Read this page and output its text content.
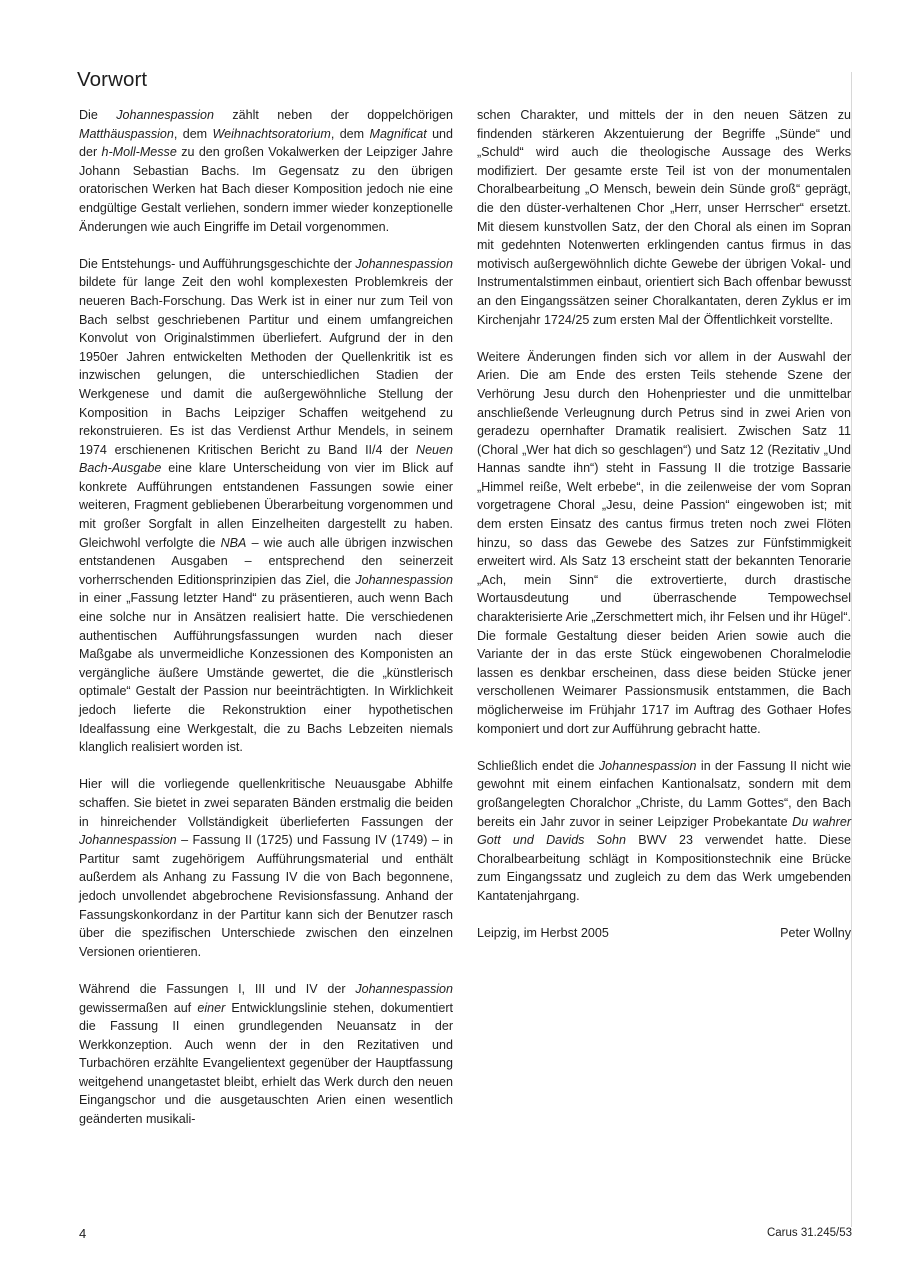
Vorwort

Die Johannespassion zählt neben der doppelchörigen Matthäuspassion, dem Weihnachtsoratorium, dem Magnificat und der h-Moll-Messe zu den großen Vokalwerken der Leipziger Jahre Johann Sebastian Bachs. Im Gegensatz zu den übrigen oratorischen Werken hat Bach dieser Komposition jedoch nie eine endgültige Gestalt verliehen, sondern immer wieder konzeptionelle Änderungen wie auch Eingriffe im Detail vorgenommen.

Die Entstehungs- und Aufführungsgeschichte der Johannespassion bildete für lange Zeit den wohl komplexesten Problemkreis der neueren Bach-Forschung. Das Werk ist in einer nur zum Teil von Bach selbst geschriebenen Partitur und einem umfangreichen Konvolut von Originalstimmen überliefert. Aufgrund der in den 1950er Jahren entwickelten Methoden der Quellenkritik ist es inzwischen gelungen, die unterschiedlichen Stadien der Werkgenese und damit die außergewöhnliche Stellung der Komposition in Bachs Leipziger Schaffen weitgehend zu rekonstruieren. Es ist das Verdienst Arthur Mendels, in seinem 1974 erschienenen Kritischen Bericht zu Band II/4 der Neuen Bach-Ausgabe eine klare Unterscheidung von vier im Blick auf konkrete Aufführungen entstandenen Fassungen sowie einer weiteren, Fragment gebliebenen Überarbeitung vorgenommen und mit großer Sorgfalt in allen Einzelheiten dargestellt zu haben. Gleichwohl verfolgte die NBA – wie auch alle übrigen inzwischen entstandenen Ausgaben – entsprechend den seinerzeit vorherrschenden Editionsprinzipien das Ziel, die Johannespassion in einer „Fassung letzter Hand“ zu präsentieren, auch wenn Bach eine solche nur in Ansätzen realisiert hatte. Die verschiedenen authentischen Aufführungsfassungen wurden nach dieser Maßgabe als unvermeidliche Konzessionen des Komponisten an vergängliche äußere Umstände gewertet, die die „künstlerisch optimale“ Gestalt der Passion nur beeinträchtigten. In Wirklichkeit jedoch lieferte die Rekonstruktion einer hypothetischen Idealfassung eine Werkgestalt, die zu Bachs Lebzeiten niemals klanglich realisiert worden ist.

Hier will die vorliegende quellenkritische Neuausgabe Abhilfe schaffen. Sie bietet in zwei separaten Bänden erstmalig die beiden in hinreichender Vollständigkeit überlieferten Fassungen der Johannespassion – Fassung II (1725) und Fassung IV (1749) – in Partitur samt zugehörigem Aufführungsmaterial und enthält außerdem als Anhang zu Fassung IV die von Bach begonnene, jedoch unvollendet abgebrochene Revisionsfassung. Anhand der Fassungskonkordanz in der Partitur kann sich der Benutzer rasch über die spezifischen Unterschiede zwischen den einzelnen Versionen orientieren.

Während die Fassungen I, III und IV der Johannespassion gewissermaßen auf einer Entwicklungslinie stehen, dokumentiert die Fassung II einen grundlegenden Neuansatz in der Werkkonzeption. Auch wenn der in den Rezitativen und Turbachören erzählte Evangelientext gegenüber der Hauptfassung weitgehend unangetastet bleibt, erhielt das Werk durch den neuen Eingangschor und die ausgetauschten Arien einen wesentlich geänderten musikali-

schen Charakter, und mittels der in den neuen Sätzen zu findenden stärkeren Akzentuierung der Begriffe „Sünde“ und „Schuld“ wird auch die theologische Aussage des Werks modifiziert. Der gesamte erste Teil ist von der monumentalen Choralbearbeitung „O Mensch, bewein dein Sünde groß“ geprägt, die den düster-verhaltenen Chor „Herr, unser Herrscher“ ersetzt. Mit diesem kunstvollen Satz, der den Choral als einen im Sopran mit gedehnten Notenwerten erklingenden cantus firmus in das motivisch außergewöhnlich dichte Gewebe der übrigen Vokal- und Instrumentalstimmen einbaut, orientiert sich Bach offenbar bewusst an den Eingangssätzen seiner Choralkantaten, deren Zyklus er im Kirchenjahr 1724/25 zum ersten Mal der Öffentlichkeit vorstellte.

Weitere Änderungen finden sich vor allem in der Auswahl der Arien. Die am Ende des ersten Teils stehende Szene der Verhörung Jesu durch den Hohenpriester und die unmittelbar anschließende Verleugnung durch Petrus sind in zwei Arien von geradezu opernhafter Dramatik realisiert. Zwischen Satz 11 (Choral „Wer hat dich so geschlagen“) und Satz 12 (Rezitativ „Und Hannas sandte ihn“) steht in Fassung II die trotzige Bassarie „Himmel reiße, Welt erbebe“, in die zeilenweise der vom Sopran vorgetragene Choral „Jesu, deine Passion“ eingewoben ist; mit dem ersten Einsatz des cantus firmus treten noch zwei Flöten hinzu, so dass das Gewebe des Satzes zur Fünfstimmigkeit erweitert wird. Als Satz 13 erscheint statt der bekannten Tenorarie „Ach, mein Sinn“ die extrovertierte, durch drastische Wortausdeutung und überraschende Tempowechsel charakterisierte Arie „Zerschmettert mich, ihr Felsen und ihr Hügel“. Die formale Gestaltung dieser beiden Arien sowie auch die Variante der in das erste Stück eingewobenen Choralmelodie lassen es denkbar erscheinen, dass diese beiden Stücke jener verschollenen Weimarer Passionsmusik entstammen, die Bach möglicherweise im Frühjahr 1717 im Auftrag des Gothaer Hofes komponiert und dort zur Aufführung gebracht hatte.

Schließlich endet die Johannespassion in der Fassung II nicht wie gewohnt mit einem einfachen Kantionalsatz, sondern mit dem großangelegten Choralchor „Christe, du Lamm Gottes“, den Bach bereits ein Jahr zuvor in seiner Leipziger Probekantate Du wahrer Gott und Davids Sohn BWV 23 verwendet hatte. Diese Choralbearbeitung schlägt in Kompositionstechnik eine Brücke zum Eingangssatz und zugleich zu dem das Werk umgebenden Kantatenjahrgang.

Leipzig, im Herbst 2005	Peter Wollny
4	Carus 31.245/53
